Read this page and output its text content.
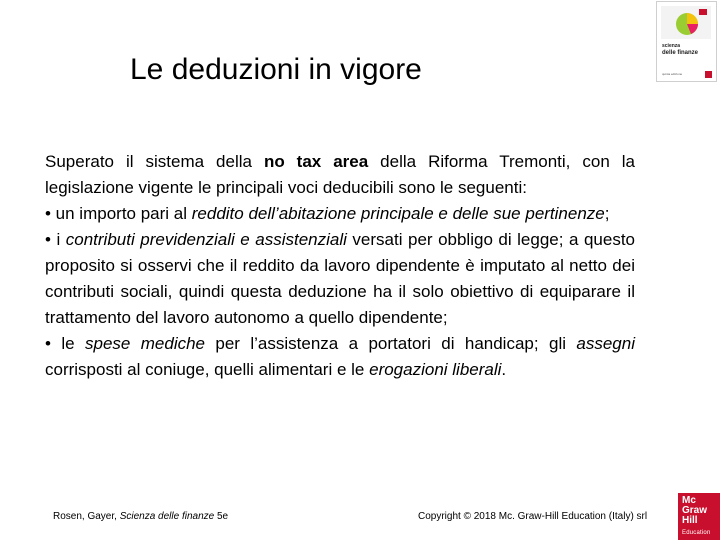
Le deduzioni in vigore
scienza
delle finanze
quinta edizione

Superato il sistema della no tax area della Riforma Tremonti, con la legislazione vigente le principali voci deducibili sono le seguenti:

• un importo pari al reddito dell’abitazione principale e delle sue pertinenze;

• i contributi previdenziali e assistenziali versati per obbligo di legge; a questo proposito si osservi che il reddito da lavoro dipendente è imputato al netto dei contributi sociali, quindi questa deduzione ha il solo obiettivo di equiparare il trattamento del lavoro autonomo a quello dipendente;

• le spese mediche per l’assistenza a portatori di handicap; gli assegni corrisposti al coniuge, quelli alimentari e le erogazioni liberali.

Rosen, Gayer, Scienza delle finanze 5e	Copyright © 2018 Mc. Graw-Hill Education (Italy) srl
Mc
Graw
Hill
Education
